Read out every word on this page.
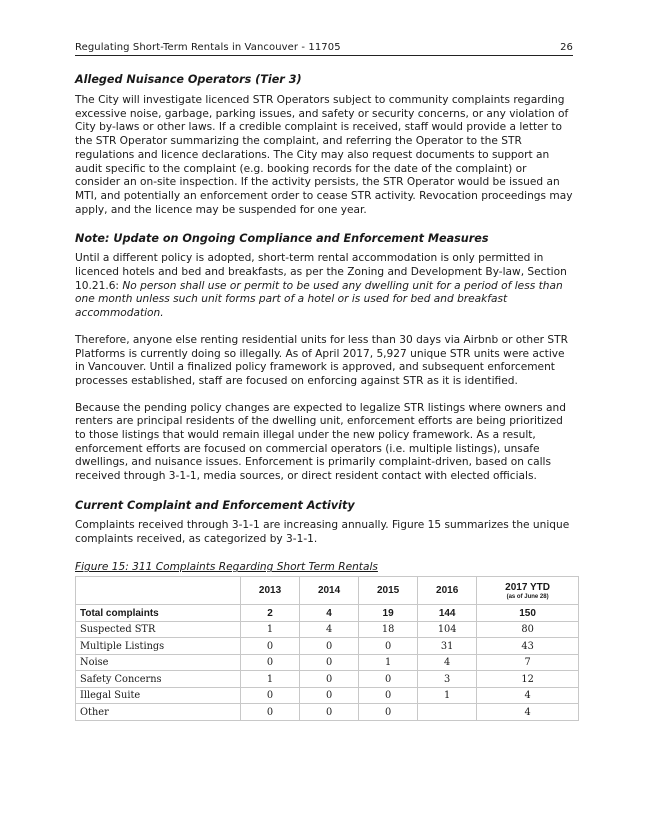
Regulating Short-Term Rentals in Vancouver - 11705	26
Alleged Nuisance Operators (Tier 3)

The City will investigate licenced STR Operators subject to community complaints regarding excessive noise, garbage, parking issues, and safety or security concerns, or any violation of City by-laws or other laws. If a credible complaint is received, staff would provide a letter to the STR Operator summarizing the complaint, and referring the Operator to the STR regulations and licence declarations. The City may also request documents to support an audit specific to the complaint (e.g. booking records for the date of the complaint) or consider an on-site inspection. If the activity persists, the STR Operator would be issued an MTI, and potentially an enforcement order to cease STR activity. Revocation proceedings may apply, and the licence may be suspended for one year.

Note: Update on Ongoing Compliance and Enforcement Measures

Until a different policy is adopted, short-term rental accommodation is only permitted in licenced hotels and bed and breakfasts, as per the Zoning and Development By-law, Section 10.21.6: No person shall use or permit to be used any dwelling unit for a period of less than one month unless such unit forms part of a hotel or is used for bed and breakfast accommodation.

Therefore, anyone else renting residential units for less than 30 days via Airbnb or other STR Platforms is currently doing so illegally. As of April 2017, 5,927 unique STR units were active in Vancouver. Until a finalized policy framework is approved, and subsequent enforcement processes established, staff are focused on enforcing against STR as it is identified.

Because the pending policy changes are expected to legalize STR listings where owners and renters are principal residents of the dwelling unit, enforcement efforts are being prioritized to those listings that would remain illegal under the new policy framework. As a result, enforcement efforts are focused on commercial operators (i.e. multiple listings), unsafe dwellings, and nuisance issues. Enforcement is primarily complaint-driven, based on calls received through 3-1-1, media sources, or direct resident contact with elected officials.

Current Complaint and Enforcement Activity

Complaints received through 3-1-1 are increasing annually. Figure 15 summarizes the unique complaints received, as categorized by 3-1-1.

Figure 15: 311 Complaints Regarding Short Term Rentals
	2013	2014	2015	2016	2017 YTD
(as of June 28)

Total complaints	2	4	19	144	150
Suspected STR	1	4	18	104	80
Multiple Listings	0	0	0	31	43
Noise	0	0	1	4	7
Safety Concerns	1	0	0	3	12
Illegal Suite	0	0	0	1	4
Other	0	0	0		4
